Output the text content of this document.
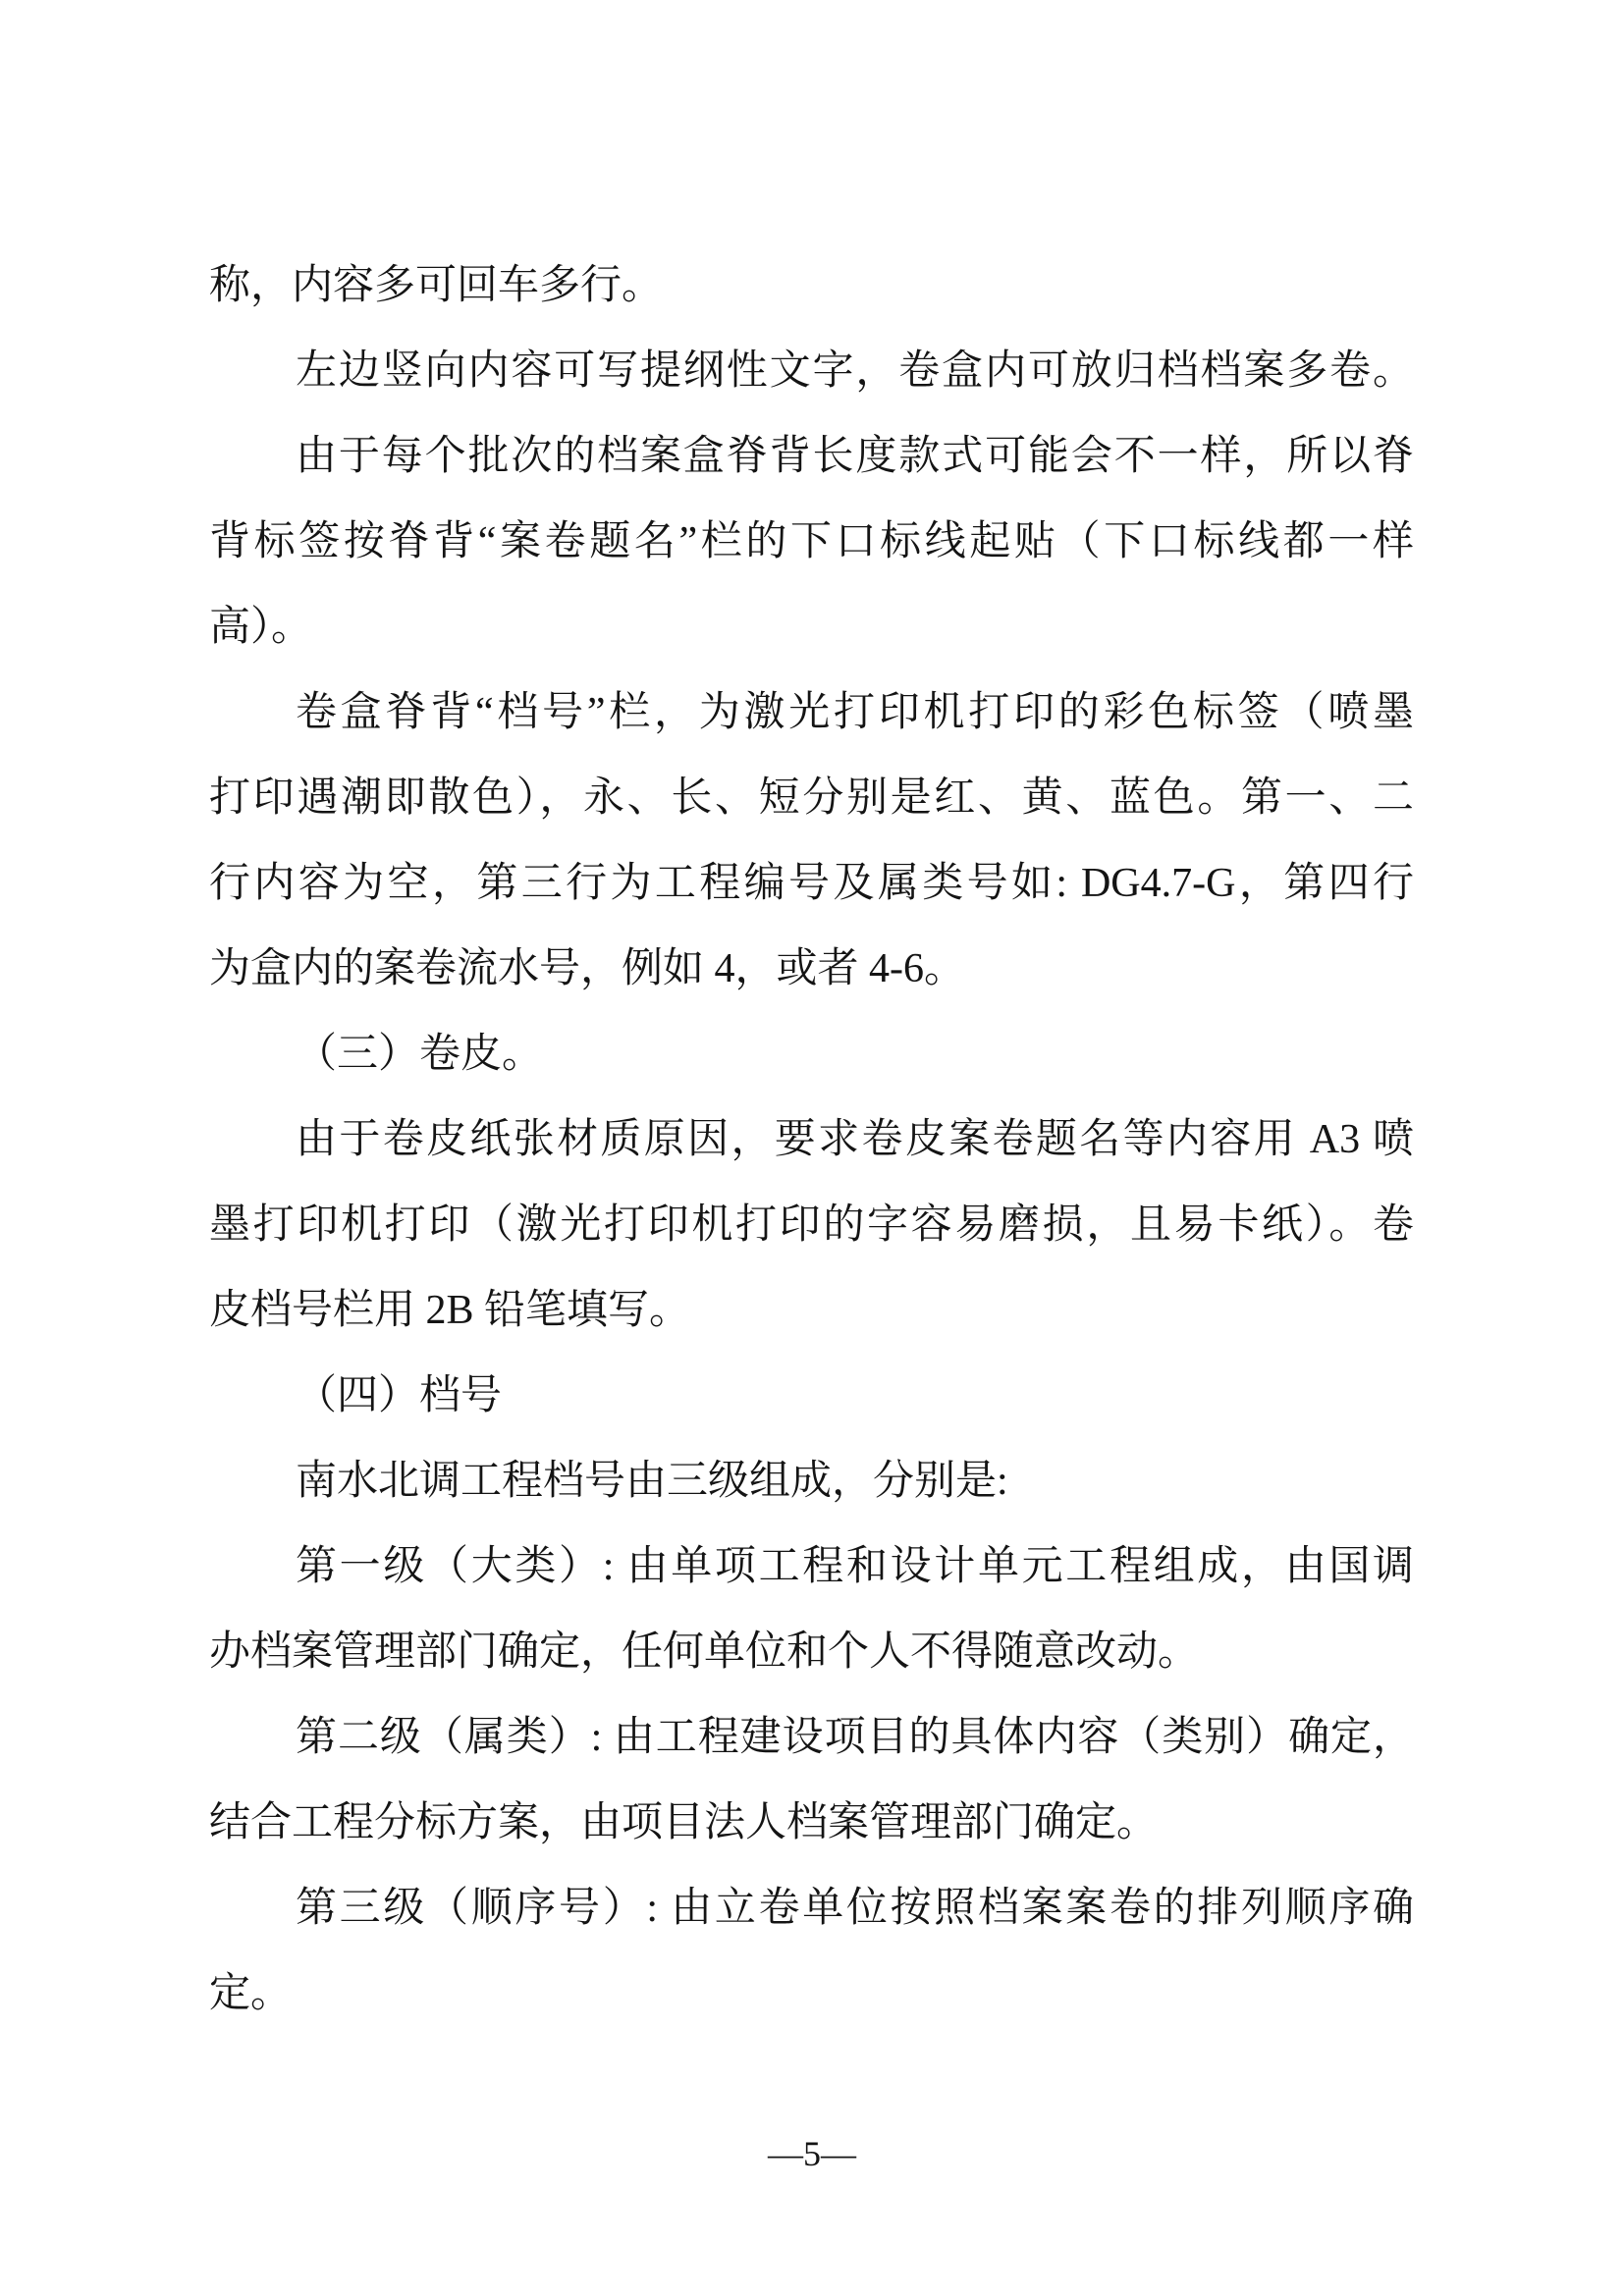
称，内容多可回车多行。
左边竖向内容可写提纲性文字，卷盒内可放归档档案多卷。
由于每个批次的档案盒脊背长度款式可能会不一样，所以脊
背标签按脊背“案卷题名”栏的下口标线起贴（下口标线都一样
高）。
卷盒脊背“档号”栏，为激光打印机打印的彩色标签（喷墨
打印遇潮即散色），永、长、短分别是红、黄、蓝色。第一、二
行内容为空，第三行为工程编号及属类号如: DG4.7-G，第四行
为盒内的案卷流水号，例如 4，或者 4-6。
（三）卷皮。
由于卷皮纸张材质原因，要求卷皮案卷题名等内容用 A3 喷
墨打印机打印（激光打印机打印的字容易磨损，且易卡纸）。卷
皮档号栏用 2B 铅笔填写。
（四）档号
南水北调工程档号由三级组成，分别是:
第一级（大类）: 由单项工程和设计单元工程组成，由国调
办档案管理部门确定，任何单位和个人不得随意改动。
第二级（属类）: 由工程建设项目的具体内容（类别）确定，
结合工程分标方案，由项目法人档案管理部门确定。
第三级（顺序号）: 由立卷单位按照档案案卷的排列顺序确
定。
—5—
